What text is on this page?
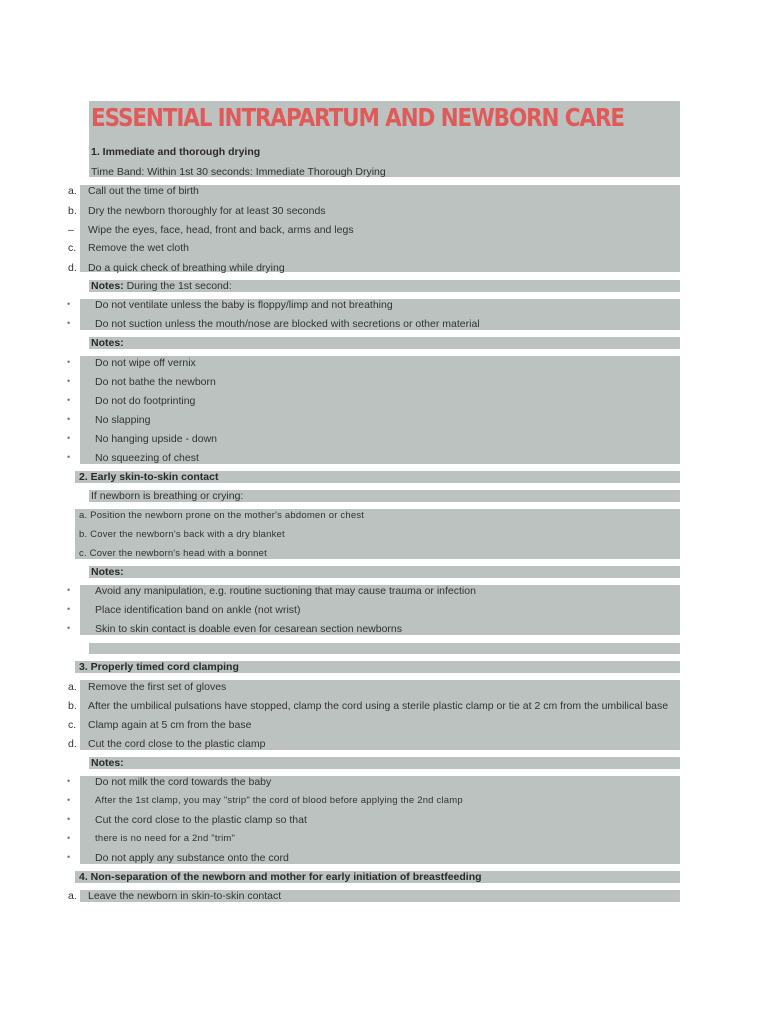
ESSENTIAL INTRAPARTUM AND NEWBORN CARE
1. Immediate and thorough drying
Time Band: Within 1st 30 seconds: Immediate Thorough Drying
a. Call out the time of birth
b. Dry the newborn thoroughly for at least 30 seconds
– Wipe the eyes, face, head, front and back, arms and legs
c. Remove the wet cloth
d. Do a quick check of breathing while drying
Notes: During the 1st second:
• Do not ventilate unless the baby is floppy/limp and not breathing
• Do not suction unless the mouth/nose are blocked with secretions or other material
Notes:
• Do not wipe off vernix
• Do not bathe the newborn
• Do not do footprinting
• No slapping
• No hanging upside - down
• No squeezing of chest
2. Early skin-to-skin contact
If newborn is breathing or crying:
a. Position the newborn prone on the mother's abdomen or chest
b. Cover the newborn's back with a dry blanket
c. Cover the newborn's head with a bonnet
Notes:
• Avoid any manipulation, e.g. routine suctioning that may cause trauma or infection
• Place identification band on ankle (not wrist)
• Skin to skin contact is doable even for cesarean section newborns
3. Properly timed cord clamping
a. Remove the first set of gloves
b. After the umbilical pulsations have stopped, clamp the cord using a sterile plastic clamp or tie at 2 cm from the umbilical base
c. Clamp again at 5 cm from the base
d. Cut the cord close to the plastic clamp
Notes:
• Do not milk the cord towards the baby
•	After the 1st clamp, you may "strip" the cord of blood before applying the 2nd clamp
• Cut the cord close to the plastic clamp so that
•	there is no need for a 2nd "trim"
• Do not apply any substance onto the cord
4. Non-separation of the newborn and mother for early initiation of breastfeeding
a. Leave the newborn in skin-to-skin contact
